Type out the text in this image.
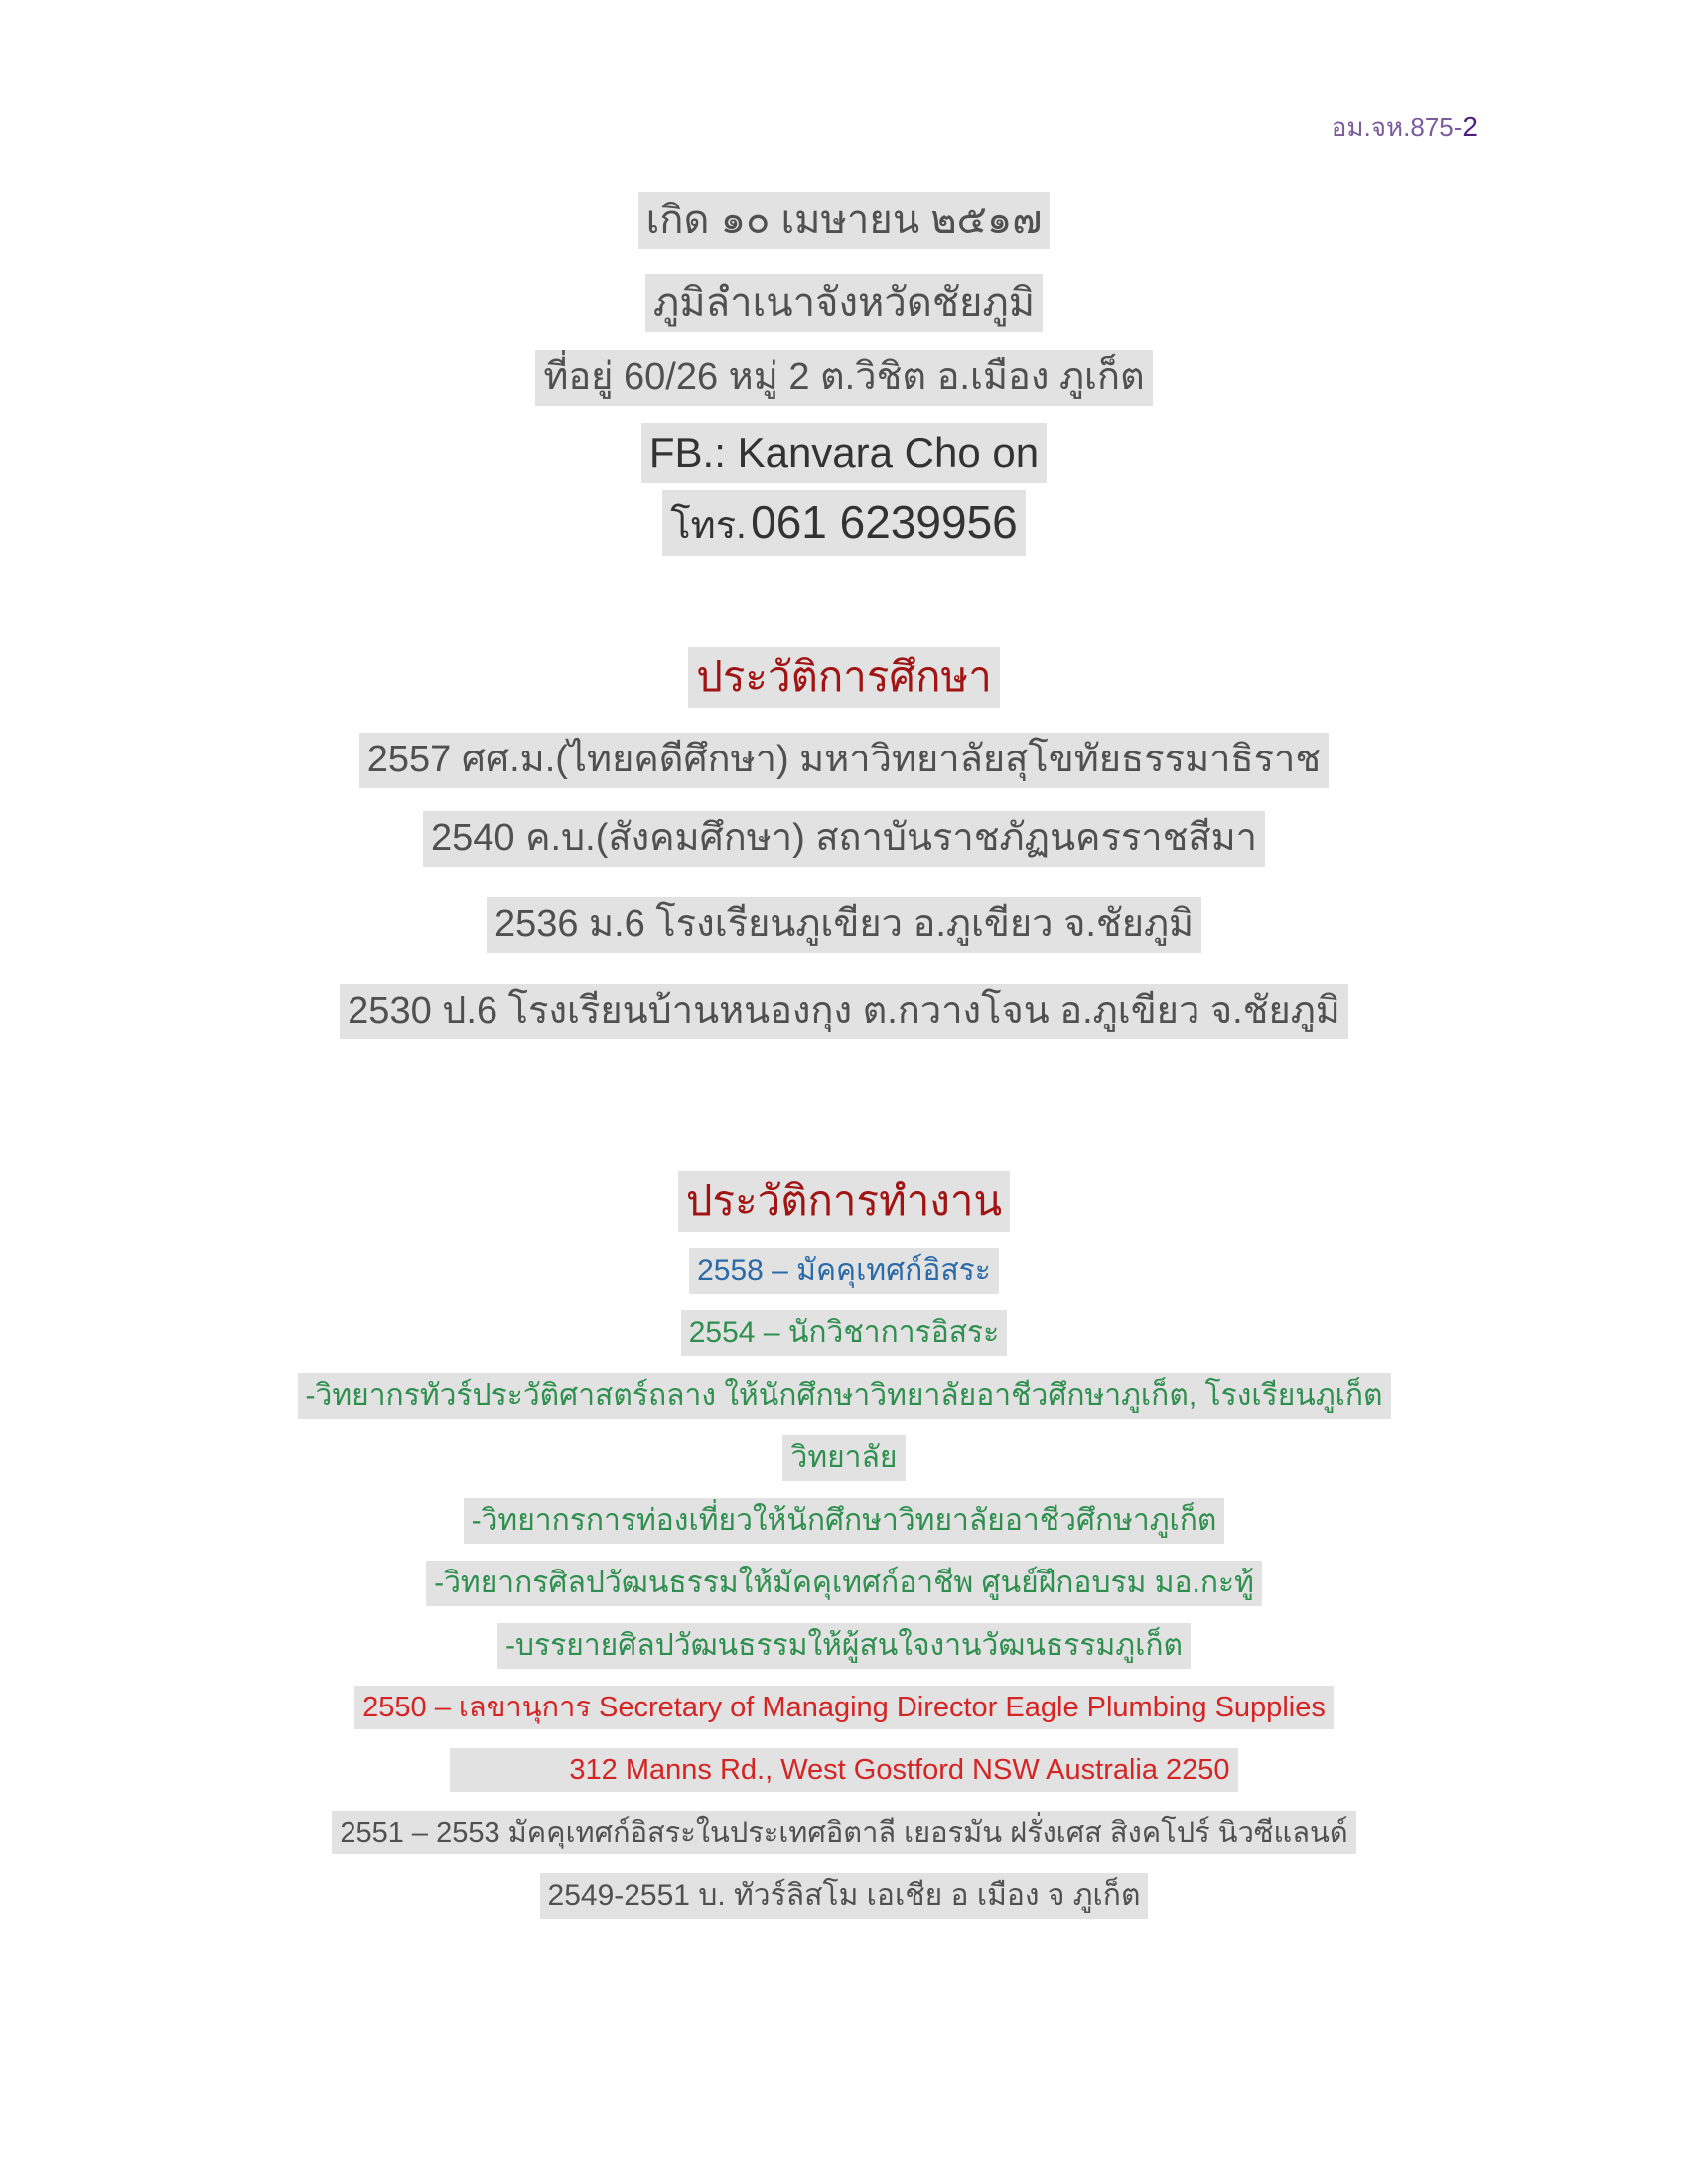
อม.จห.875-2
เกิด ๑๐ เมษายน ๒๕๑๗
ภูมิลำเนาจังหวัดชัยภูมิ
ที่อยู่ 60/26 หมู่ 2 ต.วิชิต อ.เมือง ภูเก็ต
FB.: Kanvara Cho on
โทร. 061 6239956
ประวัติการศึกษา
2557 ศศ.ม.(ไทยคดีศึกษา) มหาวิทยาลัยสุโขทัยธรรมาธิราช
2540 ค.บ.(สังคมศึกษา) สถาบันราชภัฏนครราชสีมา
2536 ม.6 โรงเรียนภูเขียว อ.ภูเขียว จ.ชัยภูมิ
2530 ป.6 โรงเรียนบ้านหนองกุง ต.กวางโจน อ.ภูเขียว จ.ชัยภูมิ
ประวัติการทำงาน
2558 – มัคคุเทศก์อิสระ
2554 – นักวิชาการอิสระ
-วิทยากรทัวร์ประวัติศาสตร์ถลาง ให้นักศึกษาวิทยาลัยอาชีวศึกษาภูเก็ต, โรงเรียนภูเก็ต
วิทยาลัย
-วิทยากรการท่องเที่ยวให้นักศึกษาวิทยาลัยอาชีวศึกษาภูเก็ต
-วิทยากรศิลปวัฒนธรรมให้มัคคุเทศก์อาชีพ ศูนย์ฝึกอบรม มอ.กะทู้
-บรรยายศิลปวัฒนธรรมให้ผู้สนใจงานวัฒนธรรมภูเก็ต
2550 – เลขานุการ Secretary of Managing Director Eagle Plumbing Supplies
312 Manns Rd., West Gostford NSW Australia 2250
2551 – 2553 มัคคุเทศก์อิสระในประเทศอิตาลี เยอรมัน ฝรั่งเศส สิงคโปร์ นิวซีแลนด์
2549-2551 บ. ทัวร์ลิสโม เอเชีย อ เมือง จ ภูเก็ต
